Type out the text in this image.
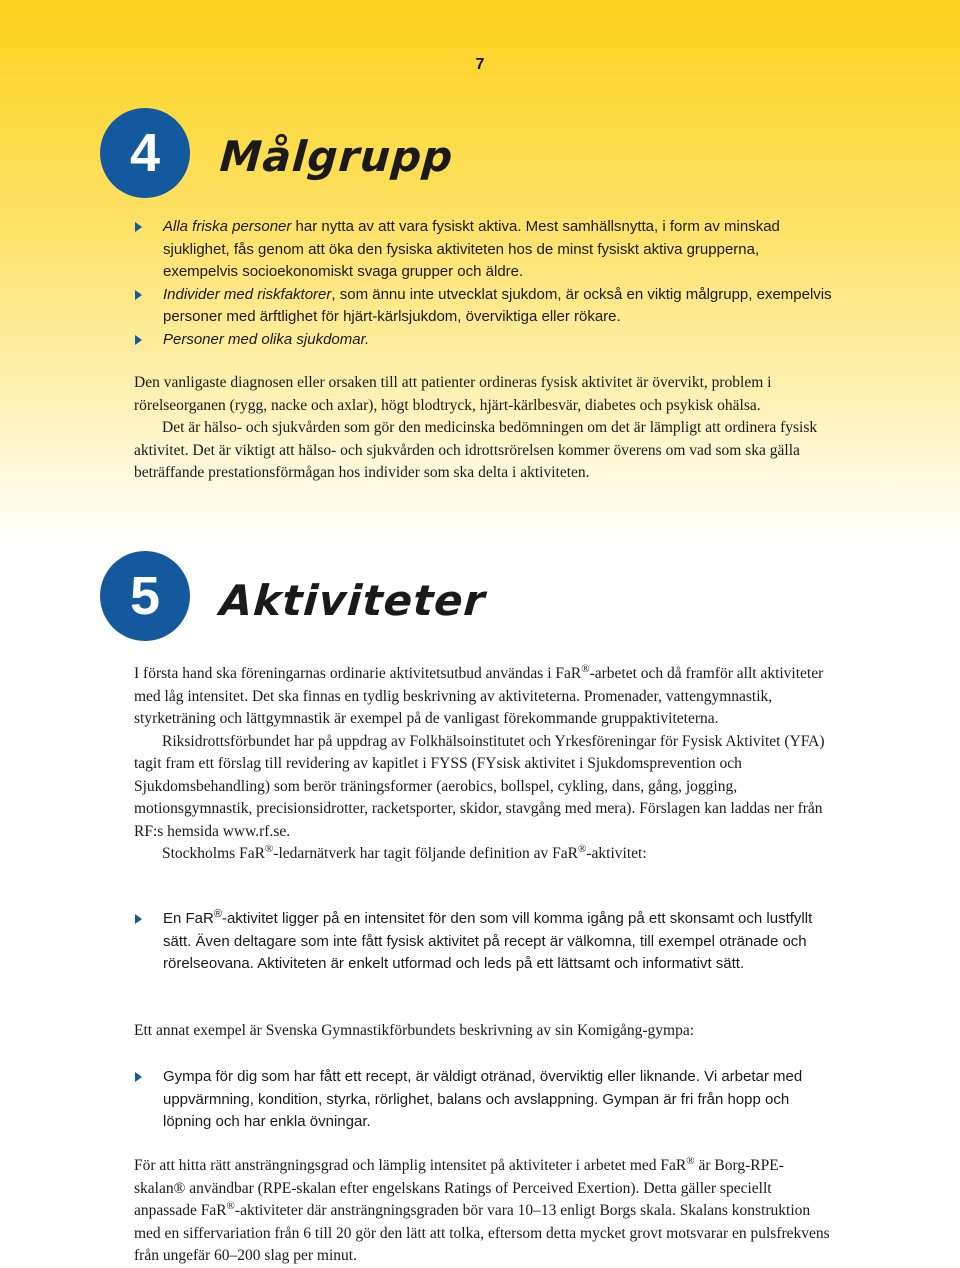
7
4	Målgrupp
Alla friska personer har nytta av att vara fysiskt aktiva. Mest samhällsnytta, i form av minskad sjuklighet, fås genom att öka den fysiska aktiviteten hos de minst fysiskt aktiva grupperna, exempelvis socioekonomiskt svaga grupper och äldre.
Individer med riskfaktorer, som ännu inte utvecklat sjukdom, är också en viktig målgrupp, exempelvis personer med ärftlighet för hjärt-kärlsjukdom, överviktiga eller rökare.
Personer med olika sjukdomar.

Den vanligaste diagnosen eller orsaken till att patienter ordineras fysisk aktivitet är övervikt, problem i rörelseorganen (rygg, nacke och axlar), högt blodtryck, hjärt-kärlbesvär, diabetes och psykisk ohälsa.

Det är hälso- och sjukvården som gör den medicinska bedömningen om det är lämpligt att ordinera fysisk aktivitet. Det är viktigt att hälso- och sjukvården och idrottsrörelsen kommer överens om vad som ska gälla beträffande prestationsförmågan hos individer som ska delta i aktiviteten.

5	Aktiviteter

I första hand ska föreningarnas ordinarie aktivitetsutbud användas i FaR®-arbetet och då framför allt aktiviteter med låg intensitet. Det ska finnas en tydlig beskrivning av aktiviteterna. Promenader, vattengymnastik, styrketräning och lättgymnastik är exempel på de vanligast förekommande gruppaktiviteterna.

Riksidrottsförbundet har på uppdrag av Folkhälsoinstitutet och Yrkesföreningar för Fysisk Aktivitet (YFA) tagit fram ett förslag till revidering av kapitlet i FYSS (FYsisk aktivitet i Sjukdomsprevention och Sjukdomsbehandling) som berör träningsformer (aerobics, bollspel, cykling, dans, gång, jogging, motionsgymnastik, precisionsidrotter, racketsporter, skidor, stavgång med mera). Förslagen kan laddas ner från RF:s hemsida www.rf.se.

Stockholms FaR®-ledarnätverk har tagit följande definition av FaR®-aktivitet:

En FaR®-aktivitet ligger på en intensitet för den som vill komma igång på ett skonsamt och lustfyllt sätt. Även deltagare som inte fått fysisk aktivitet på recept är välkomna, till exempel otränade och rörelseovana. Aktiviteten är enkelt utformad och leds på ett lättsamt och informativt sätt.

Ett annat exempel är Svenska Gymnastikförbundets beskrivning av sin Komigång-gympa:

Gympa för dig som har fått ett recept, är väldigt otränad, överviktig eller liknande. Vi arbetar med uppvärmning, kondition, styrka, rörlighet, balans och avslappning. Gympan är fri från hopp och löpning och har enkla övningar.

För att hitta rätt ansträngningsgrad och lämplig intensitet på aktiviteter i arbetet med FaR® är Borg-RPE-skalan® användbar (RPE-skalan efter engelskans Ratings of Perceived Exertion). Detta gäller speciellt anpassade FaR®-aktiviteter där ansträngningsgraden bör vara 10–13 enligt Borgs skala. Skalans konstruktion med en siffervariation från 6 till 20 gör den lätt att tolka, eftersom detta mycket grovt motsvarar en pulsfrekvens från ungefär 60–200 slag per minut.
